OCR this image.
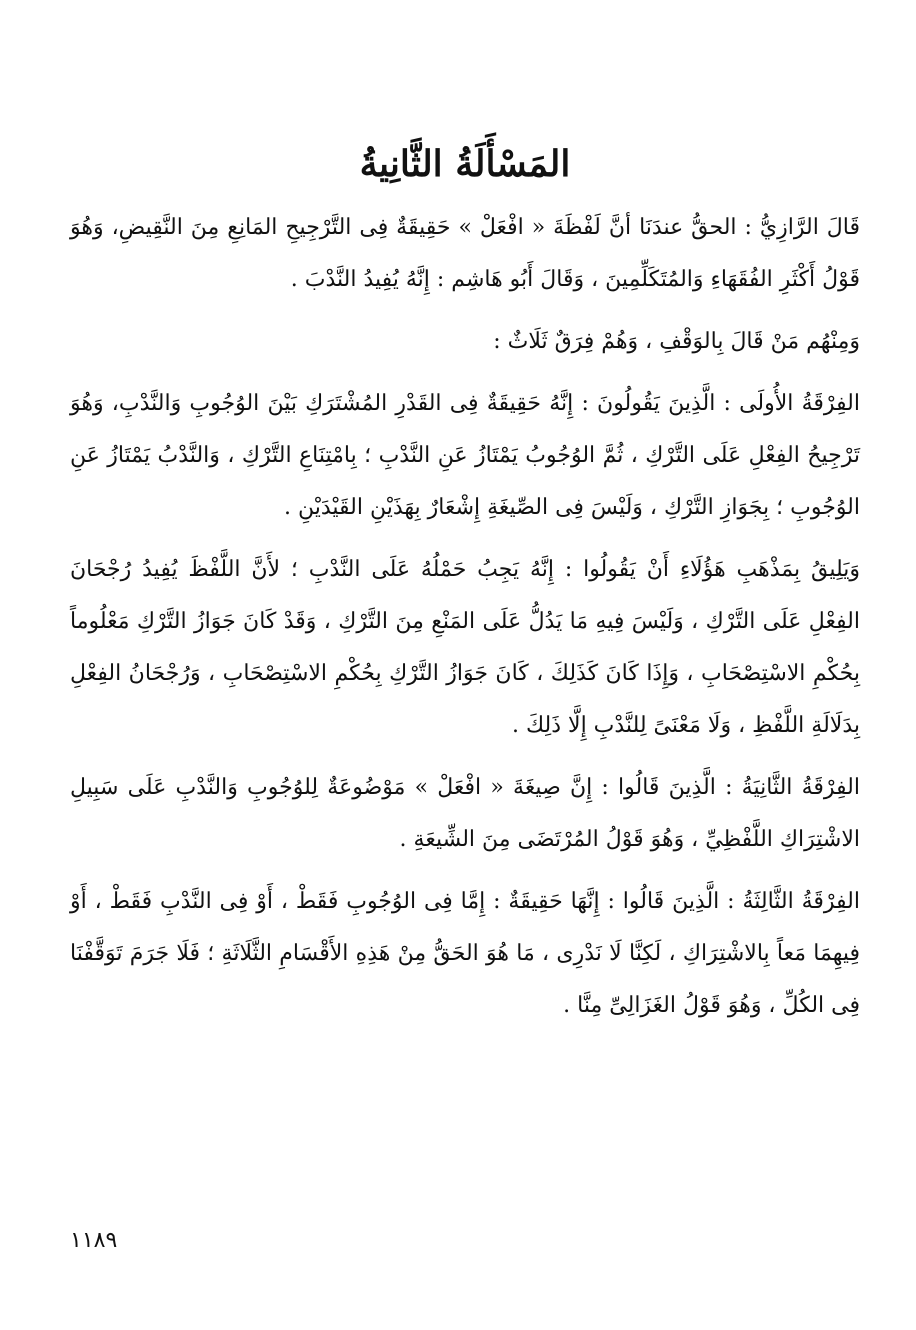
المَسْأَلَةُ الثَّانِيةُ

قَالَ الرَّازِيُّ : الحقُّ عندَنَا أنَّ لَفْظَةَ « افْعَلْ » حَقِيقَةٌ فِى التَّرْجِيحِ المَانِعِ مِنَ النَّقِيضِ، وَهُوَ قَوْلُ أَكْثَرِ الفُقَهَاءِ وَالمُتَكَلِّمِينَ ، وَقَالَ أَبُو هَاشِم : إِنَّهُ يُفِيدُ النَّدْبَ .

وَمِنْهُم مَنْ قَالَ بِالوَقْفِ ، وَهُمْ فِرَقٌ ثَلَاثٌ :

الفِرْقَةُ الأُولَى : الَّذِينَ يَقُولُونَ : إِنَّهُ حَقِيقَةٌ فِى القَدْرِ المُشْتَرَكِ بَيْنَ الوُجُوبِ وَالنَّدْبِ، وَهُوَ تَرْجِيحُ الفِعْلِ عَلَى التَّرْكِ ، ثُمَّ الوُجُوبُ يَمْتَازُ عَنِ النَّدْبِ ؛ بِامْتِنَاعِ التَّرْكِ ، وَالنَّدْبُ يَمْتَازُ عَنِ الوُجُوبِ ؛ بِجَوَازِ التَّرْكِ ، وَلَيْسَ فِى الصِّيغَةِ إِشْعَارٌ بِهَذَيْنِ القَيْدَيْنِ .

وَيَلِيقُ بِمَذْهَبِ هَؤُلَاءِ أَنْ يَقُولُوا : إِنَّهُ يَجِبُ حَمْلُهُ عَلَى النَّدْبِ ؛ لأَنَّ اللَّفْظَ يُفِيدُ رُجْحَانَ الفِعْلِ عَلَى التَّرْكِ ، وَلَيْسَ فِيهِ مَا يَدُلُّ عَلَى المَنْعِ مِنَ التَّرْكِ ، وَقَدْ كَانَ جَوَازُ التَّرْكِ مَعْلُوماً بِحُكْمِ الاسْتِصْحَابِ ، وَإِذَا كَانَ كَذَلِكَ ، كَانَ جَوَازُ التَّرْكِ بِحُكْمِ الاسْتِصْحَابِ ، وَرُجْحَانُ الفِعْلِ بِدَلَالَةِ اللَّفْظِ ، وَلَا مَعْنَىً لِلنَّدْبِ إِلَّا ذَلِكَ .

الفِرْقَةُ الثَّانِيَةُ : الَّذِينَ قَالُوا : إِنَّ صِيغَةَ « افْعَلْ » مَوْضُوعَةٌ لِلوُجُوبِ وَالنَّدْبِ عَلَى سَبِيلِ الاشْتِرَاكِ اللَّفْظِيِّ ، وَهُوَ قَوْلُ المُرْتَضَى مِنَ الشِّيعَةِ .

الفِرْقَةُ الثَّالِثَةُ : الَّذِينَ قَالُوا : إِنَّهَا حَقِيقَةٌ : إِمَّا فِى الوُجُوبِ فَقَطْ ، أَوْ فِى النَّدْبِ فَقَطْ ، أَوْ فِيهِمَا مَعاً بِالاشْتِرَاكِ ، لَكِنَّا لَا نَدْرِى ، مَا هُوَ الحَقُّ مِنْ هَذِهِ الأَقْسَامِ الثَّلَاثَةِ ؛ فَلَا جَرَمَ تَوَقَّفْنَا فِى الكُلِّ ، وَهُوَ قَوْلُ الغَزَالِىِّ مِنَّا .

١١٨٩
